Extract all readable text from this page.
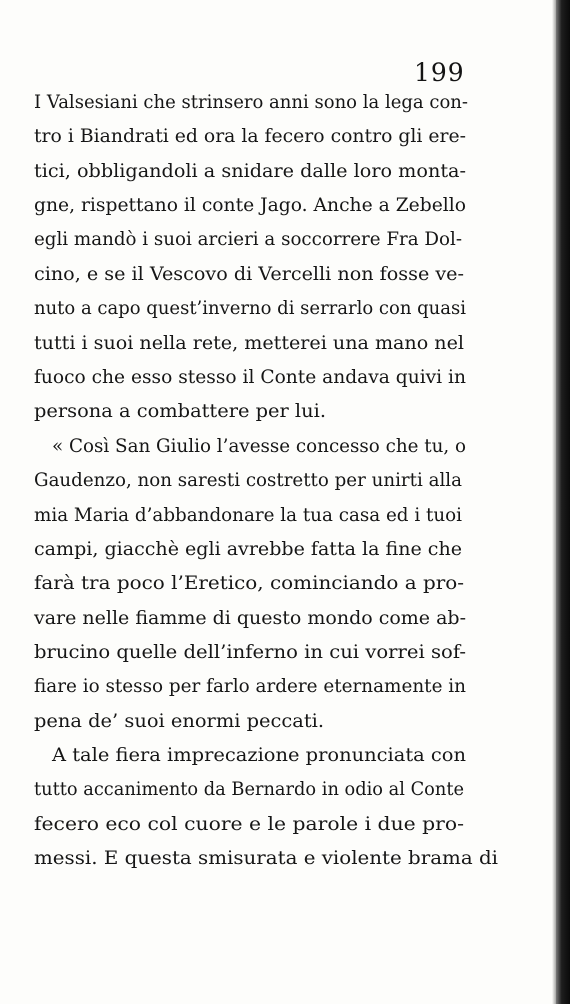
199
I Valsesiani che strinsero anni sono la lega con-
tro i Biandrati ed ora la fecero contro gli ere-
tici, obbligandoli a snidare dalle loro monta-
gne, rispettano il conte Jago. Anche a Zebello
egli mandò i suoi arcieri a soccorrere Fra Dol-
cino, e se il Vescovo di Vercelli non fosse ve-
nuto a capo quest’inverno di serrarlo con quasi
tutti i suoi nella rete, metterei una mano nel
fuoco che esso stesso il Conte andava quivi in
persona a combattere per lui.
« Così San Giulio l’avesse concesso che tu, o
Gaudenzo, non saresti costretto per unirti alla
mia Maria d’abbandonare la tua casa ed i tuoi
campi, giacchè egli avrebbe fatta la fine che
farà tra poco l’Eretico, cominciando a pro-
vare nelle fiamme di questo mondo come ab-
brucino quelle dell’inferno in cui vorrei sof-
fiare io stesso per farlo ardere eternamente in
pena de’ suoi enormi peccati.
A tale fiera imprecazione pronunciata con
tutto accanimento da Bernardo in odio al Conte
fecero eco col cuore e le parole i due pro-
messi. E questa smisurata e violente brama di
